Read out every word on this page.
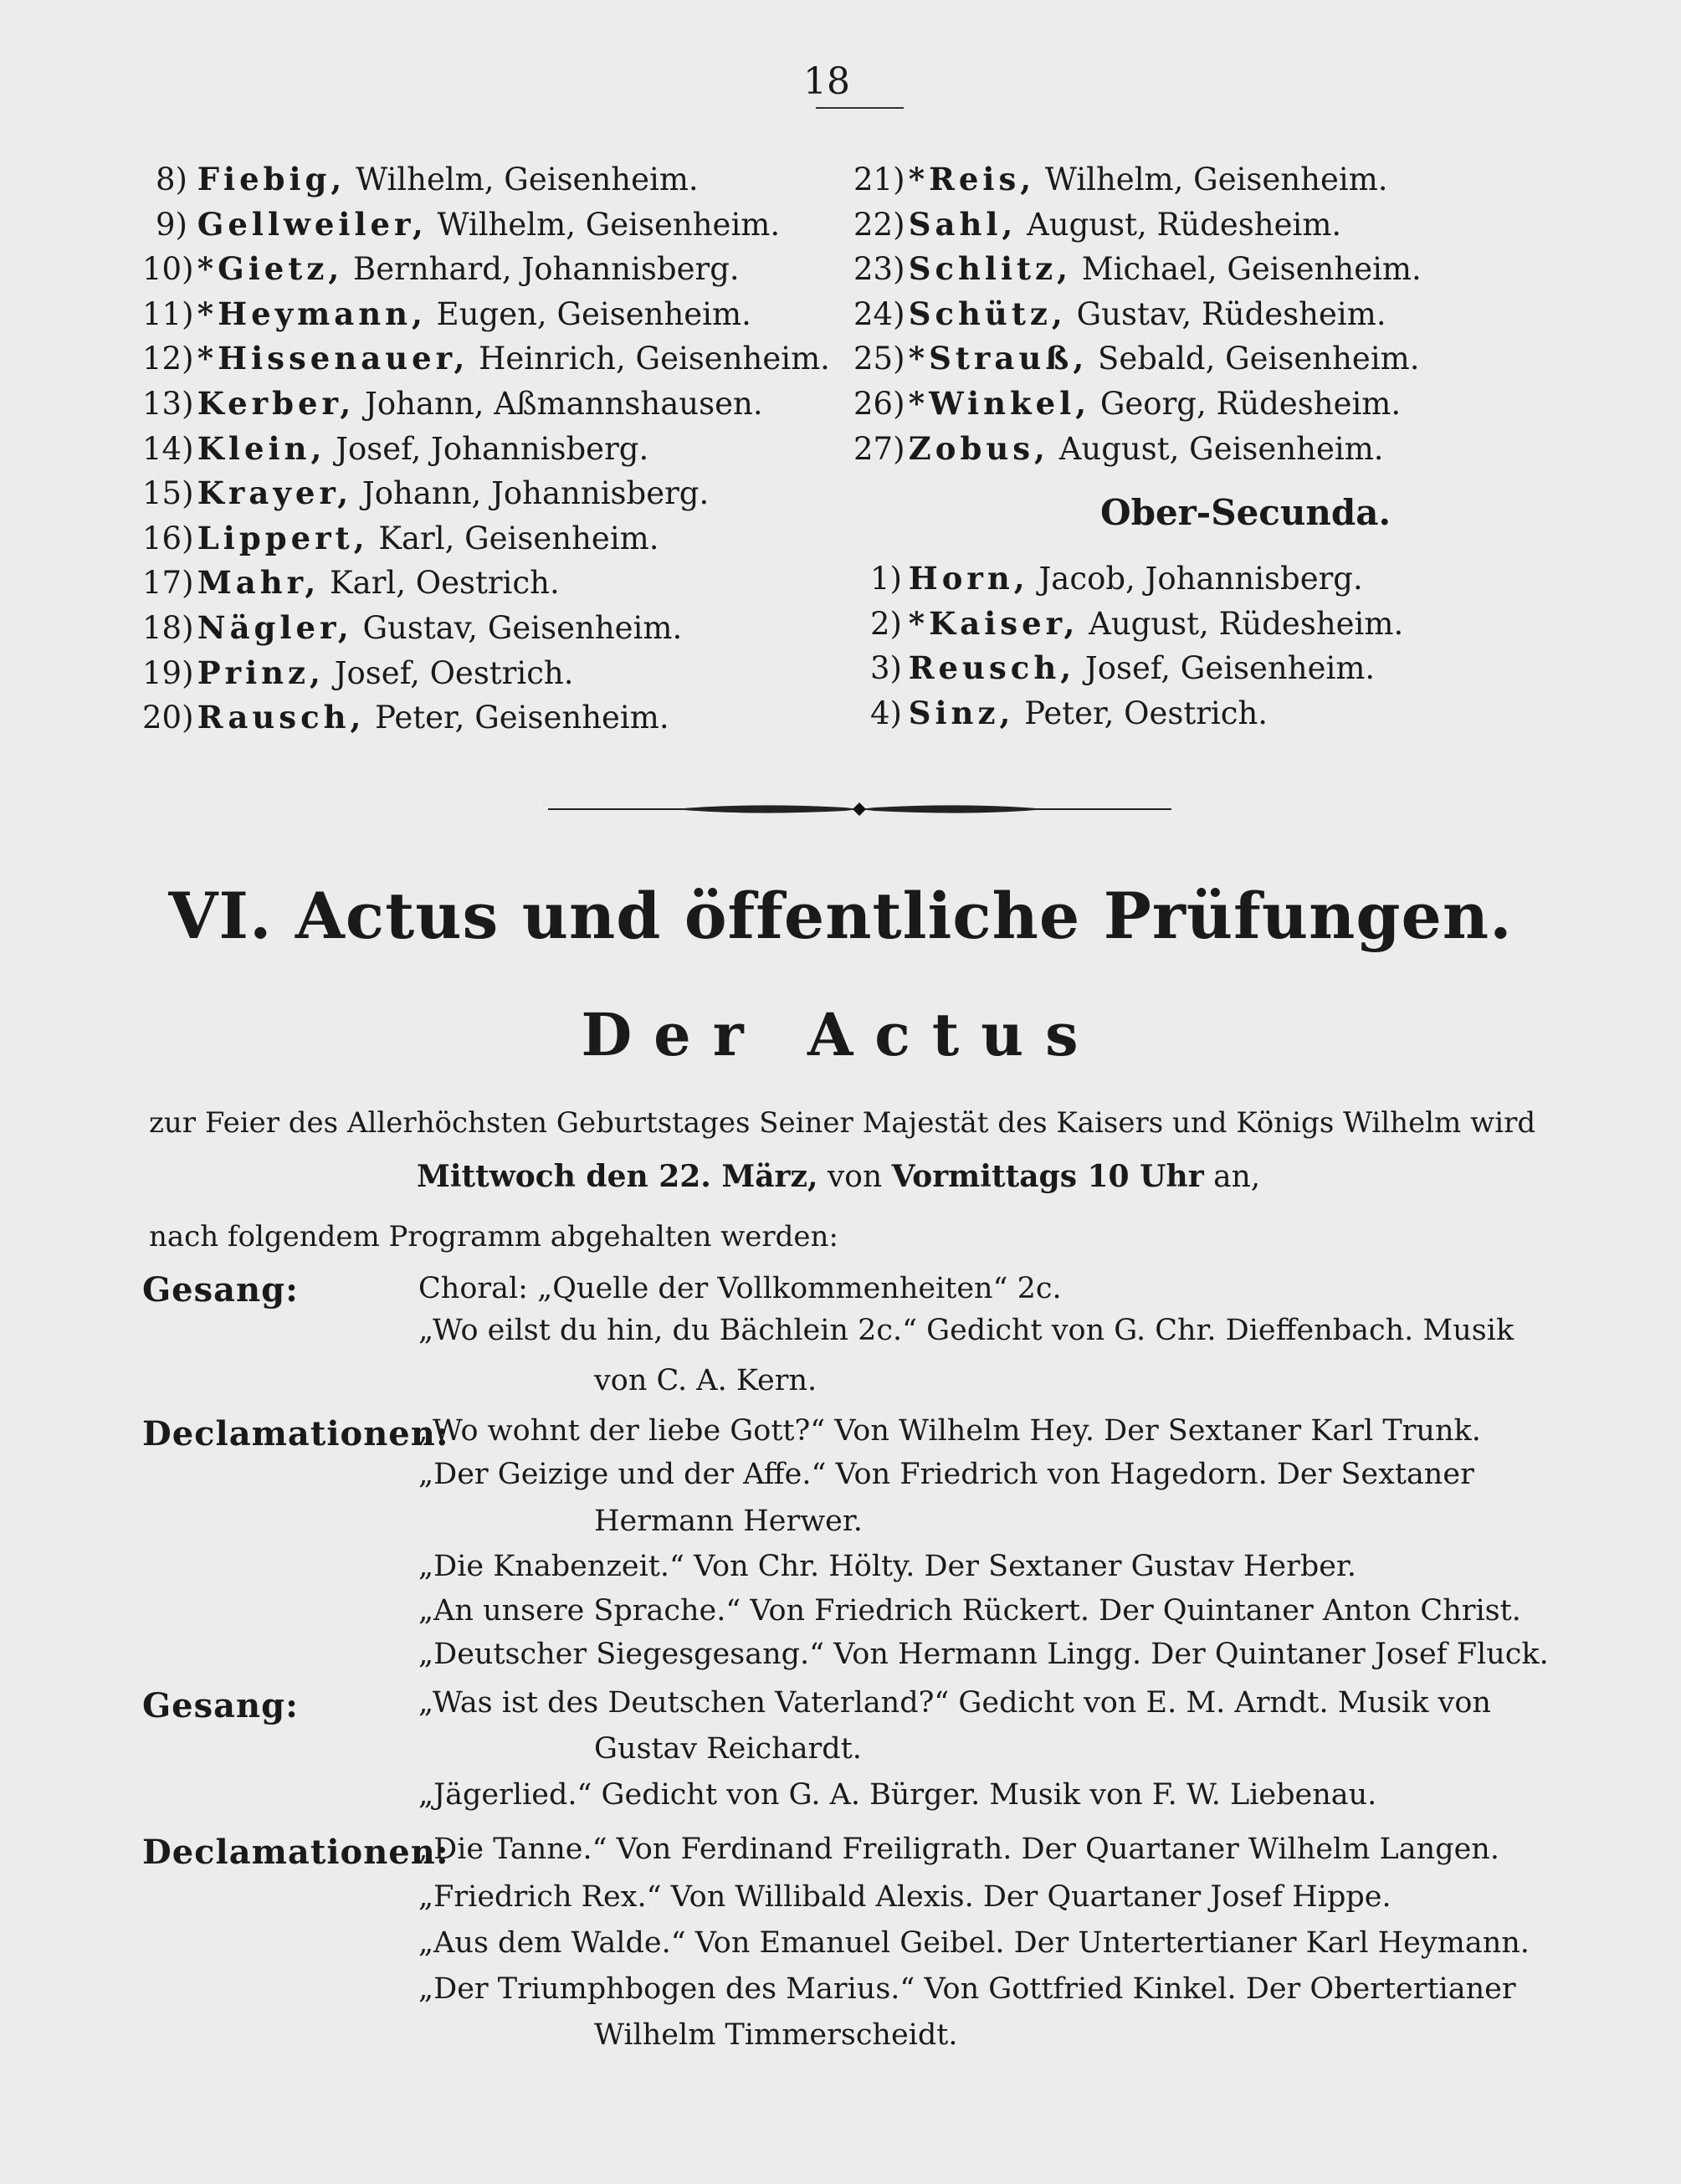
18
8) Fiebig, Wilhelm, Geisenheim.
9) Gellweiler, Wilhelm, Geisenheim.
10) *Gietz, Bernhard, Johannisberg.
11) *Heymann, Eugen, Geisenheim.
12) *Hissenauer, Heinrich, Geisenheim.
13) Kerber, Johann, Aßmannshausen.
14) Klein, Josef, Johannisberg.
15) Krayer, Johann, Johannisberg.
16) Lippert, Karl, Geisenheim.
17) Mahr, Karl, Oestrich.
18) Nägler, Gustav, Geisenheim.
19) Prinz, Josef, Oestrich.
20) Rausch, Peter, Geisenheim.
21) *Reis, Wilhelm, Geisenheim.
22) Sahl, August, Rüdesheim.
23) Schlitz, Michael, Geisenheim.
24) Schütz, Gustav, Rüdesheim.
25) *Strauß, Sebald, Geisenheim.
26) *Winkel, Georg, Rüdesheim.
27) Zobus, August, Geisenheim.
Ober-Secunda.
1) Horn, Jacob, Johannisberg.
2) *Kaiser, August, Rüdesheim.
3) Reusch, Josef, Geisenheim.
4) Sinz, Peter, Oestrich.
VI. Actus und öffentliche Prüfungen.
Der Actus
zur Feier des Allerhöchsten Geburtstages Seiner Majestät des Kaisers und Königs Wilhelm wird
Mittwoch den 22. März, von Vormittags 10 Uhr an,
nach folgendem Programm abgehalten werden:
Gesang:	Choral: „Quelle der Vollkommenheiten“ 2c.
„Wo eilst du hin, du Bächlein 2c.“ Gedicht von G. Chr. Dieffenbach. Musik
von C. A. Kern.
Declamationen:
„Wo wohnt der liebe Gott?“ Von Wilhelm Hey. Der Sextaner Karl Trunk.
„Der Geizige und der Affe.“ Von Friedrich von Hagedorn. Der Sextaner
Hermann Herwer.
„Die Knabenzeit.“ Von Chr. Hölty. Der Sextaner Gustav Herber.
„An unsere Sprache.“ Von Friedrich Rückert. Der Quintaner Anton Christ.
„Deutscher Siegesgesang.“ Von Hermann Lingg. Der Quintaner Josef Fluck.
Gesang:	„Was ist des Deutschen Vaterland?“ Gedicht von E. M. Arndt. Musik von
Gustav Reichardt.
„Jägerlied.“ Gedicht von G. A. Bürger. Musik von F. W. Liebenau.
Declamationen:
„Die Tanne.“ Von Ferdinand Freiligrath. Der Quartaner Wilhelm Langen.
„Friedrich Rex.“ Von Willibald Alexis. Der Quartaner Josef Hippe.
„Aus dem Walde.“ Von Emanuel Geibel. Der Untertertianer Karl Heymann.
„Der Triumphbogen des Marius.“ Von Gottfried Kinkel. Der Obertertianer
Wilhelm Timmerscheidt.
